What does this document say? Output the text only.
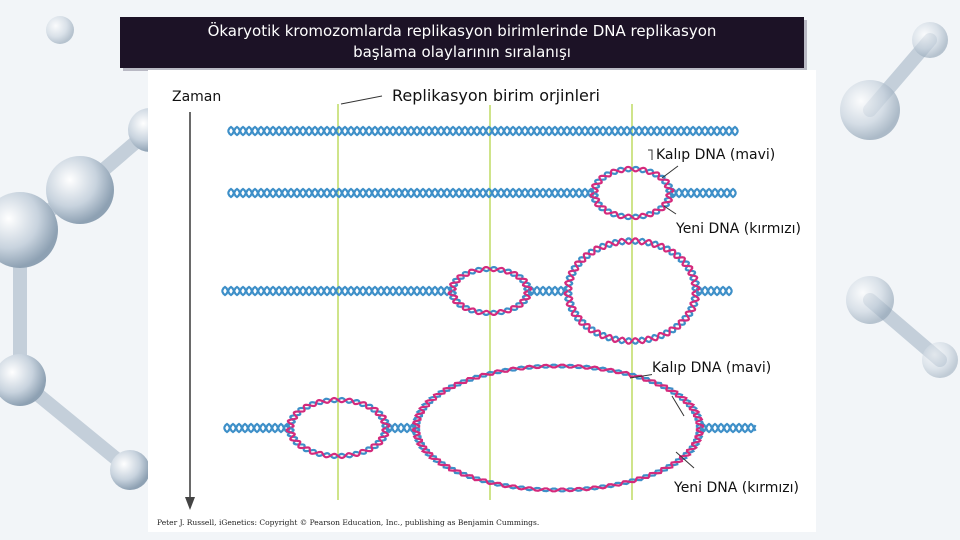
Ökaryotik kromozomlarda replikasyon birimlerinde DNA replikasyon
başlama olaylarının sıralanışı
Zaman	Replikasyon birim orjinleri
Kalıp DNA (mavi)
Yeni DNA (kırmızı)
Kalıp DNA (mavi)
Yeni DNA (kırmızı)
Peter J. Russell, iGenetics: Copyright © Pearson Education, Inc., publishing as Benjamin Cummings.
